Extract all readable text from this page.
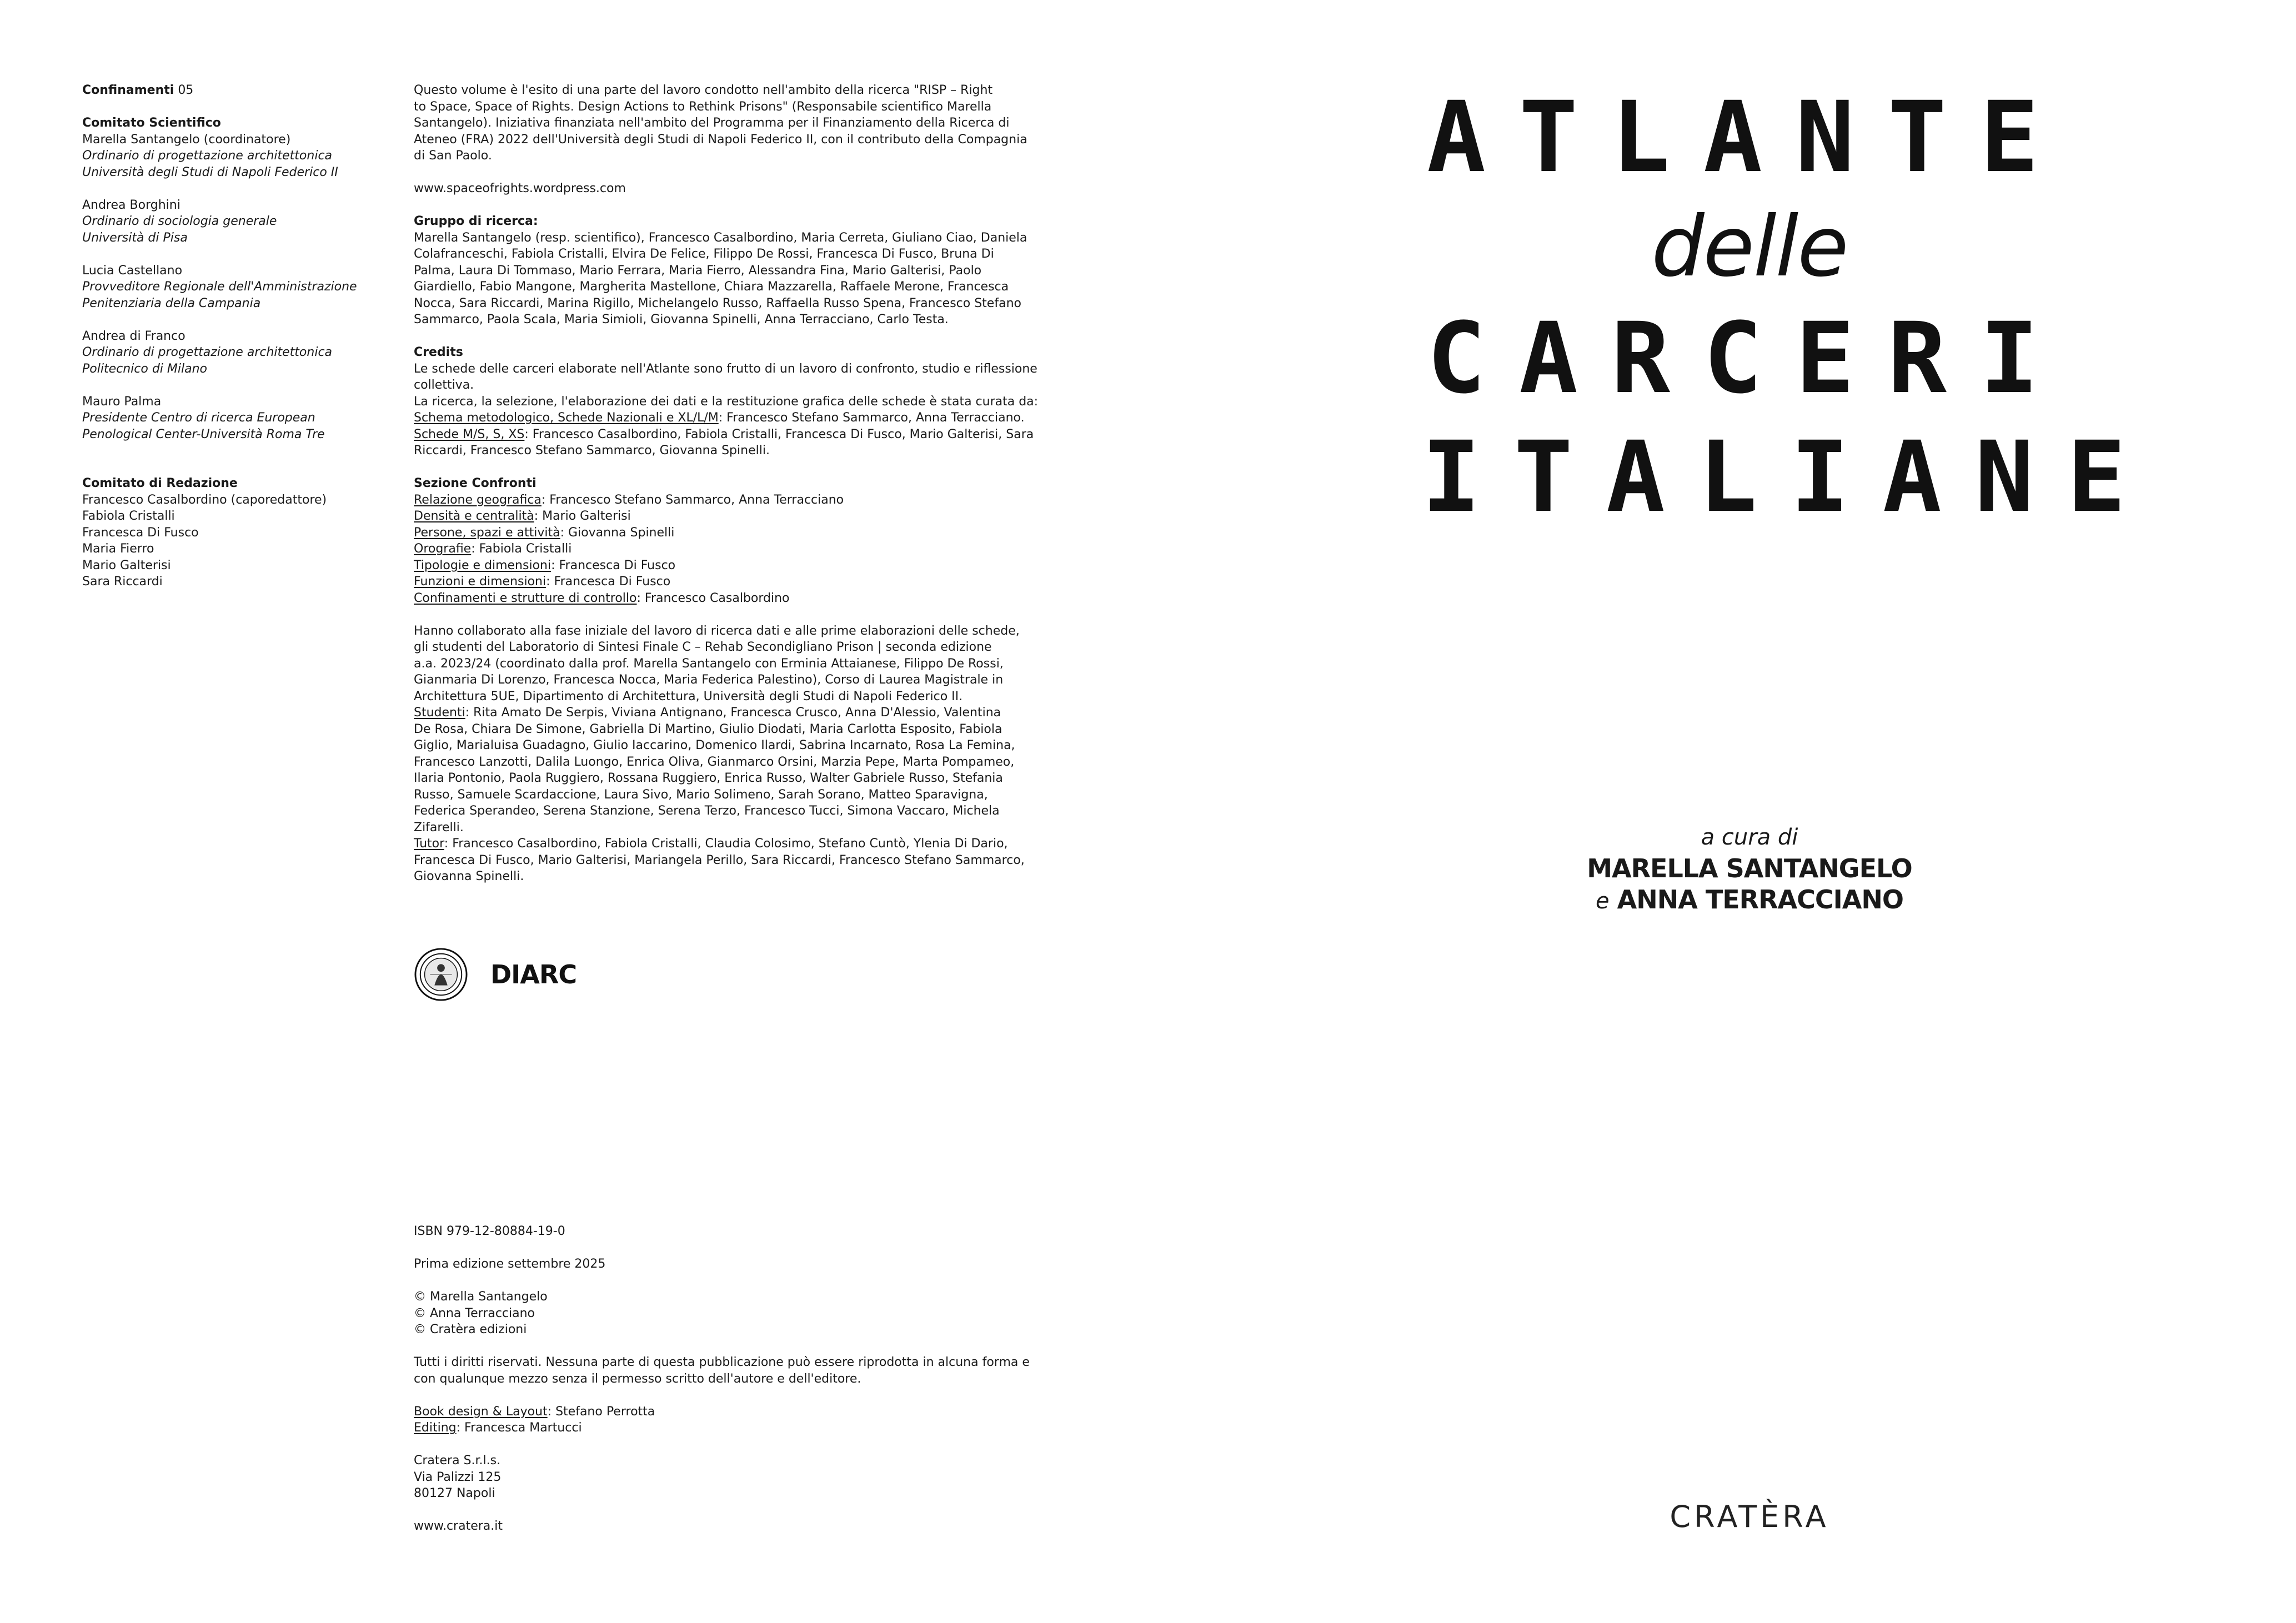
Confinamenti 05

Comitato Scientifico
Marella Santangelo (coordinatore)
Ordinario di progettazione architettonica
Università degli Studi di Napoli Federico II
Andrea Borghini
Ordinario di sociologia generale
Università di Pisa
Lucia Castellano
Provveditore Regionale dell'Amministrazione
Penitenziaria della Campania
Andrea di Franco
Ordinario di progettazione architettonica
Politecnico di Milano
Mauro Palma
Presidente Centro di ricerca European
Penological Center-Università Roma Tre
Comitato di Redazione
Francesco Casalbordino (caporedattore)
Fabiola Cristalli
Francesca Di Fusco
Maria Fierro
Mario Galterisi
Sara Riccardi
Questo volume è l'esito di una parte del lavoro condotto nell'ambito della ricerca "RISP – Right
to Space, Space of Rights. Design Actions to Rethink Prisons" (Responsabile scientifico Marella
Santangelo). Iniziativa finanziata nell'ambito del Programma per il Finanziamento della Ricerca di
Ateneo (FRA) 2022 dell'Università degli Studi di Napoli Federico II, con il contributo della Compagnia
di San Paolo.

www.spaceofrights.wordpress.com

Gruppo di ricerca:
Marella Santangelo (resp. scientifico), Francesco Casalbordino, Maria Cerreta, Giuliano Ciao, Daniela
Colafranceschi, Fabiola Cristalli, Elvira De Felice, Filippo De Rossi, Francesca Di Fusco, Bruna Di
Palma, Laura Di Tommaso, Mario Ferrara, Maria Fierro, Alessandra Fina, Mario Galterisi, Paolo
Giardiello, Fabio Mangone, Margherita Mastellone, Chiara Mazzarella, Raffaele Merone, Francesca
Nocca, Sara Riccardi, Marina Rigillo, Michelangelo Russo, Raffaella Russo Spena, Francesco Stefano
Sammarco, Paola Scala, Maria Simioli, Giovanna Spinelli, Anna Terracciano, Carlo Testa.
Credits
Le schede delle carceri elaborate nell'Atlante sono frutto di un lavoro di confronto, studio e riflessione
collettiva.
La ricerca, la selezione, l'elaborazione dei dati e la restituzione grafica delle schede è stata curata da:
Schema metodologico, Schede Nazionali e XL/L/M: Francesco Stefano Sammarco, Anna Terracciano.
Schede M/S, S, XS: Francesco Casalbordino, Fabiola Cristalli, Francesca Di Fusco, Mario Galterisi, Sara
Riccardi, Francesco Stefano Sammarco, Giovanna Spinelli.
Sezione Confronti
Relazione geografica: Francesco Stefano Sammarco, Anna Terracciano
Densità e centralità: Mario Galterisi
Persone, spazi e attività: Giovanna Spinelli
Orografie: Fabiola Cristalli
Tipologie e dimensioni: Francesca Di Fusco
Funzioni e dimensioni: Francesca Di Fusco
Confinamenti e strutture di controllo: Francesco Casalbordino
Hanno collaborato alla fase iniziale del lavoro di ricerca dati e alle prime elaborazioni delle schede,
gli studenti del Laboratorio di Sintesi Finale C – Rehab Secondigliano Prison | seconda edizione
a.a. 2023/24 (coordinato dalla prof. Marella Santangelo con Erminia Attaianese, Filippo De Rossi,
Gianmaria Di Lorenzo, Francesca Nocca, Maria Federica Palestino), Corso di Laurea Magistrale in
Architettura 5UE, Dipartimento di Architettura, Università degli Studi di Napoli Federico II.
Studenti: Rita Amato De Serpis, Viviana Antignano, Francesca Crusco, Anna D'Alessio, Valentina
De Rosa, Chiara De Simone, Gabriella Di Martino, Giulio Diodati, Maria Carlotta Esposito, Fabiola
Giglio, Marialuisa Guadagno, Giulio Iaccarino, Domenico Ilardi, Sabrina Incarnato, Rosa La Femina,
Francesco Lanzotti, Dalila Luongo, Enrica Oliva, Gianmarco Orsini, Marzia Pepe, Marta Pompameo,
Ilaria Pontonio, Paola Ruggiero, Rossana Ruggiero, Enrica Russo, Walter Gabriele Russo, Stefania
Russo, Samuele Scardaccione, Laura Sivo, Mario Solimeno, Sarah Sorano, Matteo Sparavigna,
Federica Sperandeo, Serena Stanzione, Serena Terzo, Francesco Tucci, Simona Vaccaro, Michela
Zifarelli.
Tutor: Francesco Casalbordino, Fabiola Cristalli, Claudia Colosimo, Stefano Cuntò, Ylenia Di Dario,
Francesca Di Fusco, Mario Galterisi, Mariangela Perillo, Sara Riccardi, Francesco Stefano Sammarco,
Giovanna Spinelli.
DIARC

ISBN 979-12-80884-19-0

Prima edizione settembre 2025

© Marella Santangelo
© Anna Terracciano
© Cratèra edizioni
Tutti i diritti riservati. Nessuna parte di questa pubblicazione può essere riprodotta in alcuna forma e
con qualunque mezzo senza il permesso scritto dell'autore e dell'editore.
Book design & Layout: Stefano Perrotta
Editing: Francesca Martucci
Cratera S.r.l.s.
Via Palizzi 125
80127 Napoli

www.cratera.it

ATLANTE
delle
CARCERI
ITALIANE
a cura di
MARELLA SANTANGELO
e ANNA TERRACCIANO
CRATÈRA
